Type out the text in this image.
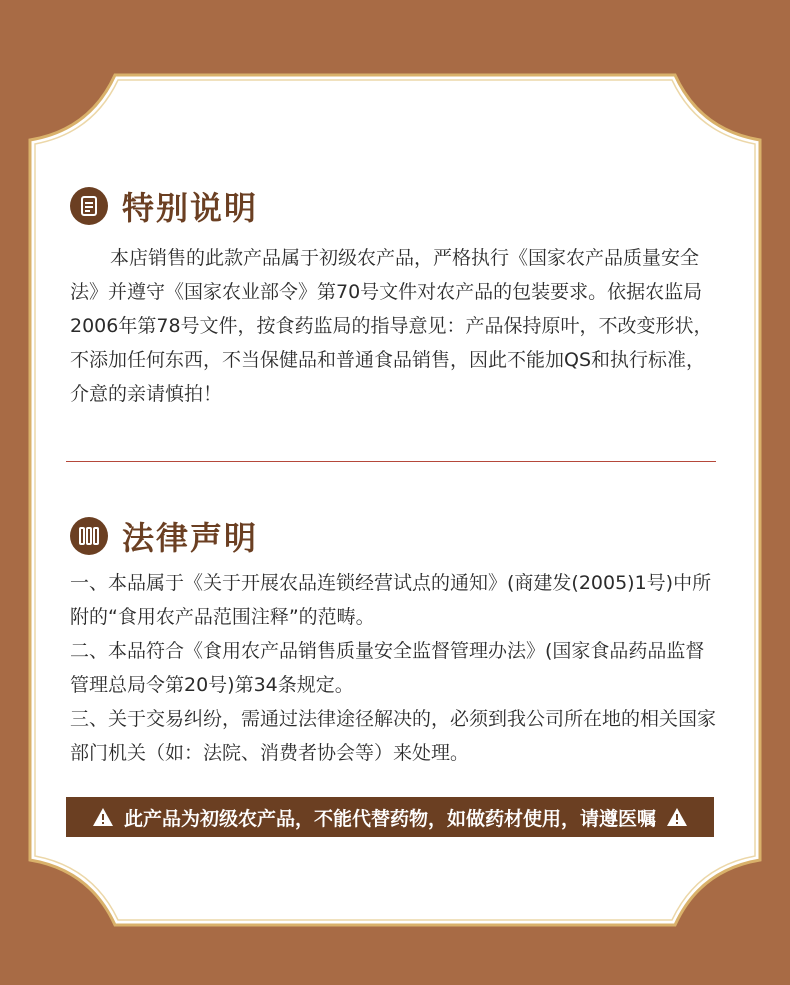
特别说明
本店销售的此款产品属于初级农产品，严格执行《国家农产品质量安全法》并遵守《国家农业部令》第70号文件对农产品的包装要求。依据农监局2006年第78号文件，按食药监局的指导意见：产品保持原叶，不改变形状，不添加任何东西，不当保健品和普通食品销售，因此不能加QS和执行标准，介意的亲请慎拍！
法律声明
一、本品属于《关于开展农品连锁经营试点的通知》(商建发(2005)1号)中所附的“食用农产品范围注释”的范畴。
二、本品符合《食用农产品销售质量安全监督管理办法》(国家食品药品监督管理总局令第20号)第34条规定。
三、关于交易纠纷，需通过法律途径解决的，必须到我公司所在地的相关国家部门机关（如：法院、消费者协会等）来处理。
此产品为初级农产品，不能代替药物，如做药材使用，请遵医嘱
